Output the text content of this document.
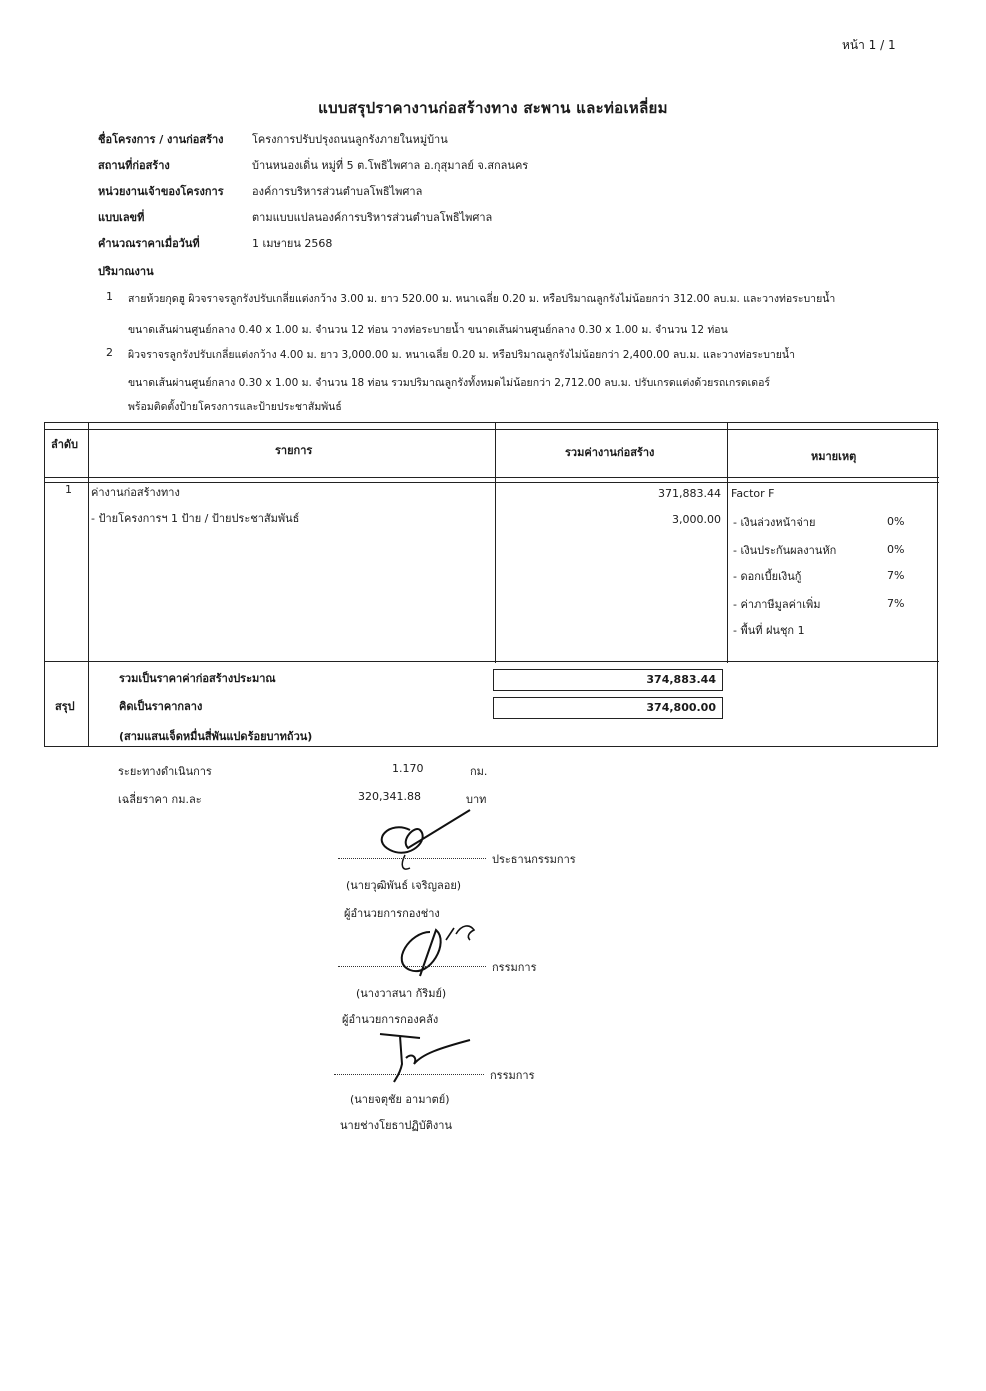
หน้า 1 / 1
แบบสรุปราคางานก่อสร้างทาง สะพาน และท่อเหลี่ยม
ชื่อโครงการ / งานก่อสร้าง	โครงการปรับปรุงถนนลูกรังภายในหมู่บ้าน
สถานที่ก่อสร้าง	บ้านหนองเดิ่น หมู่ที่ 5 ต.โพธิไพศาล อ.กุสุมาลย์ จ.สกลนคร
หน่วยงานเจ้าของโครงการ	องค์การบริหารส่วนตำบลโพธิไพศาล
แบบเลขที่	ตามแบบแปลนองค์การบริหารส่วนตำบลโพธิไพศาล
คำนวณราคาเมื่อวันที่	1 เมษายน 2568
ปริมาณงาน
1 สายห้วยกุดฮู ผิวจราจรลูกรังปรับเกลี่ยแต่งกว้าง 3.00 ม. ยาว 520.00 ม. หนาเฉลี่ย 0.20 ม. หรือปริมาณลูกรังไม่น้อยกว่า 312.00 ลบ.ม. และวางท่อระบายน้ำ
ขนาดเส้นผ่านศูนย์กลาง 0.40 x 1.00 ม. จำนวน 12 ท่อน วางท่อระบายน้ำ ขนาดเส้นผ่านศูนย์กลาง 0.30 x 1.00 ม. จำนวน 12 ท่อน
2 ผิวจราจรลูกรังปรับเกลี่ยแต่งกว้าง 4.00 ม. ยาว 3,000.00 ม. หนาเฉลี่ย 0.20 ม. หรือปริมาณลูกรังไม่น้อยกว่า 2,400.00 ลบ.ม. และวางท่อระบายน้ำ
ขนาดเส้นผ่านศูนย์กลาง 0.30 x 1.00 ม. จำนวน 18 ท่อน รวมปริมาณลูกรังทั้งหมดไม่น้อยกว่า 2,712.00 ลบ.ม. ปรับเกรดแต่งด้วยรถเกรดเดอร์
พร้อมติดตั้งป้ายโครงการและป้ายประชาสัมพันธ์
ลำดับ	รายการ	รวมค่างานก่อสร้าง	หมายเหตุ
1 ค่างานก่อสร้างทาง	371,883.44
- ป้ายโครงการฯ 1 ป้าย / ป้ายประชาสัมพันธ์	3,000.00
Factor F
- เงินล่วงหน้าจ่าย	0%
- เงินประกันผลงานหัก	0%
- ดอกเบี้ยเงินกู้	7%
- ค่าภาษีมูลค่าเพิ่ม	7%
- พื้นที่ ฝนชุก 1
สรุป
รวมเป็นราคาค่าก่อสร้างประมาณ	374,883.44
คิดเป็นราคากลาง	374,800.00
(สามแสนเจ็ดหมื่นสี่พันแปดร้อยบาทถ้วน)
ระยะทางดำเนินการ	1.170	กม.
เฉลี่ยราคา กม.ละ	320,341.88	บาท
ประธานกรรมการ
(นายวุฒิพันธ์ เจริญลอย)
ผู้อำนวยการกองช่าง
กรรมการ
(นางวาสนา ก้ริมย์)
ผู้อำนวยการกองคลัง
กรรมการ
(นายจตุชัย อามาตย์)
นายช่างโยธาปฏิบัติงาน
